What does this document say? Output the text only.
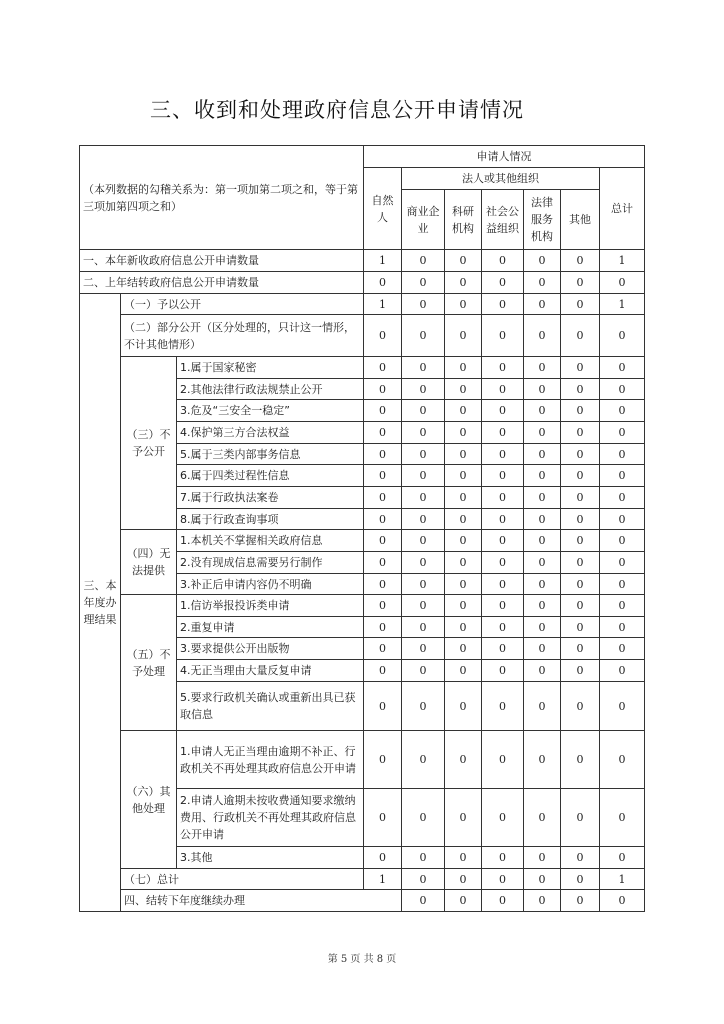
三、收到和处理政府信息公开申请情况
（本列数据的勾稽关系为：第一项加第二项之和，等于第三项加第四项之和）			申请人情况							
			自然人	法人或其他组织					总计	
				商业企业	科研机构	社会公益组织	法律服务机构	其他		
一、本年新收政府信息公开申请数量			1	0	0	0	0	0	1	
二、上年结转政府信息公开申请数量			0	0	0	0	0	0	0	
三、本年度办理结果	（一）予以公开		1	0	0	0	0	0	1	
	（二）部分公开（区分处理的，只计这一情形，不计其他情形）		0	0	0	0	0	0	0	
	（三）不予公开	1.属于国家秘密	0	0	0	0	0	0	0	
		2.其他法律行政法规禁止公开	0	0	0	0	0	0	0	
		3.危及“三安全一稳定”	0	0	0	0	0	0	0	
		4.保护第三方合法权益	0	0	0	0	0	0	0	
		5.属于三类内部事务信息	0	0	0	0	0	0	0	
		6.属于四类过程性信息	0	0	0	0	0	0	0	
		7.属于行政执法案卷	0	0	0	0	0	0	0	
		8.属于行政查询事项	0	0	0	0	0	0	0	
	（四）无法提供	1.本机关不掌握相关政府信息	0	0	0	0	0	0	0	
		2.没有现成信息需要另行制作	0	0	0	0	0	0	0	
		3.补正后申请内容仍不明确	0	0	0	0	0	0	0	
	（五）不予处理	1.信访举报投诉类申请	0	0	0	0	0	0	0	
		2.重复申请	0	0	0	0	0	0	0	
		3.要求提供公开出版物	0	0	0	0	0	0	0	
		4.无正当理由大量反复申请	0	0	0	0	0	0	0	
		5.要求行政机关确认或重新出具已获取信息	0	0	0	0	0	0	0	
	（六）其他处理	1.申请人无正当理由逾期不补正、行政机关不再处理其政府信息公开申请	0	0	0	0	0	0	0	
		2.申请人逾期未按收费通知要求缴纳费用、行政机关不再处理其政府信息公开申请	0	0	0	0	0	0	0	
		3.其他	0	0	0	0	0	0	0	
	（七）总计		1	0	0	0	0	0	1	
	四、结转下年度继续办理			0	0	0	0	0	0	
第 5 页 共 8 页
